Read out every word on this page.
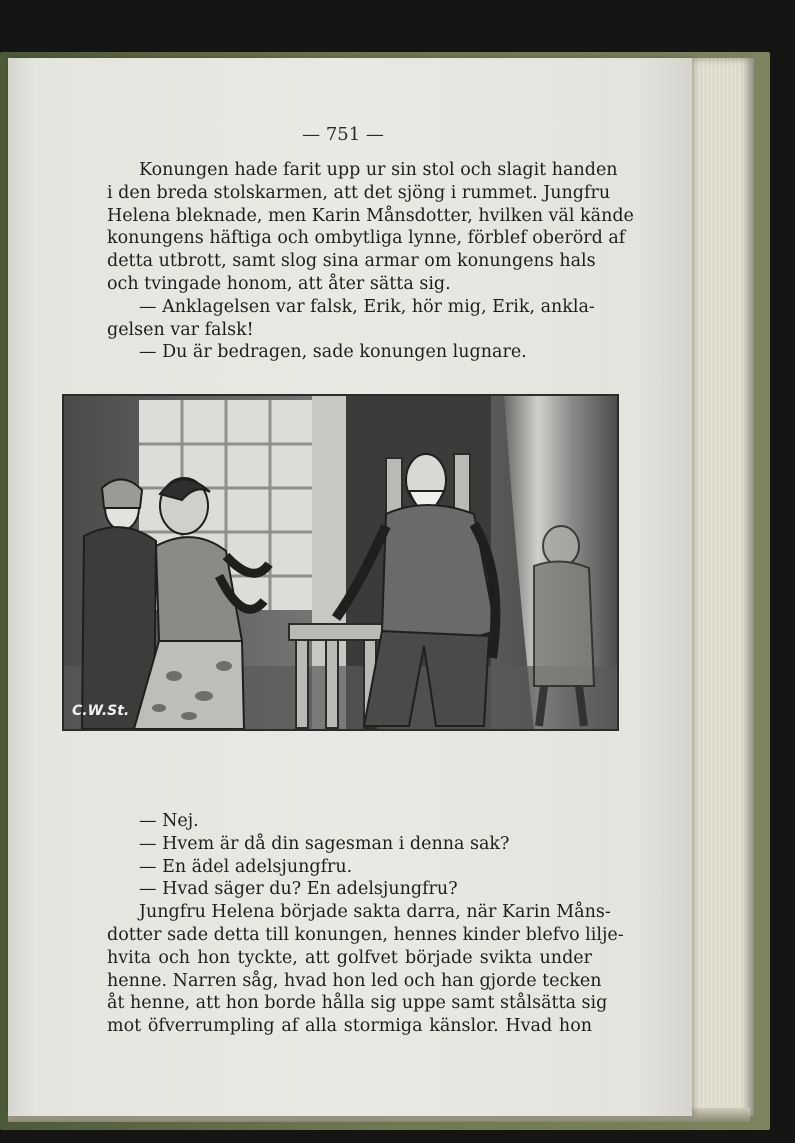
— 751 —
Konungen hade farit upp ur sin stol och slagit handen
i den breda stolskarmen, att det sjöng i rummet. Jungfru
Helena bleknade, men Karin Månsdotter, hvilken väl kände
konungens häftiga och ombytliga lynne, förblef oberörd af
detta utbrott, samt slog sina armar om konungens hals
och tvingade honom, att åter sätta sig.
— Anklagelsen var falsk, Erik, hör mig, Erik, ankla-
gelsen var falsk!
— Du är bedragen, sade konungen lugnare.
C.W.St.
— Nej.
— Hvem är då din sagesman i denna sak?
— En ädel adelsjungfru.
— Hvad säger du? En adelsjungfru?
Jungfru Helena började sakta darra, när Karin Måns-
dotter sade detta till konungen, hennes kinder blefvo lilje-
hvita och hon tyckte, att golfvet började svikta under
henne. Narren såg, hvad hon led och han gjorde tecken
åt henne, att hon borde hålla sig uppe samt stålsätta sig
mot öfverrumpling af alla stormiga känslor. Hvad hon
